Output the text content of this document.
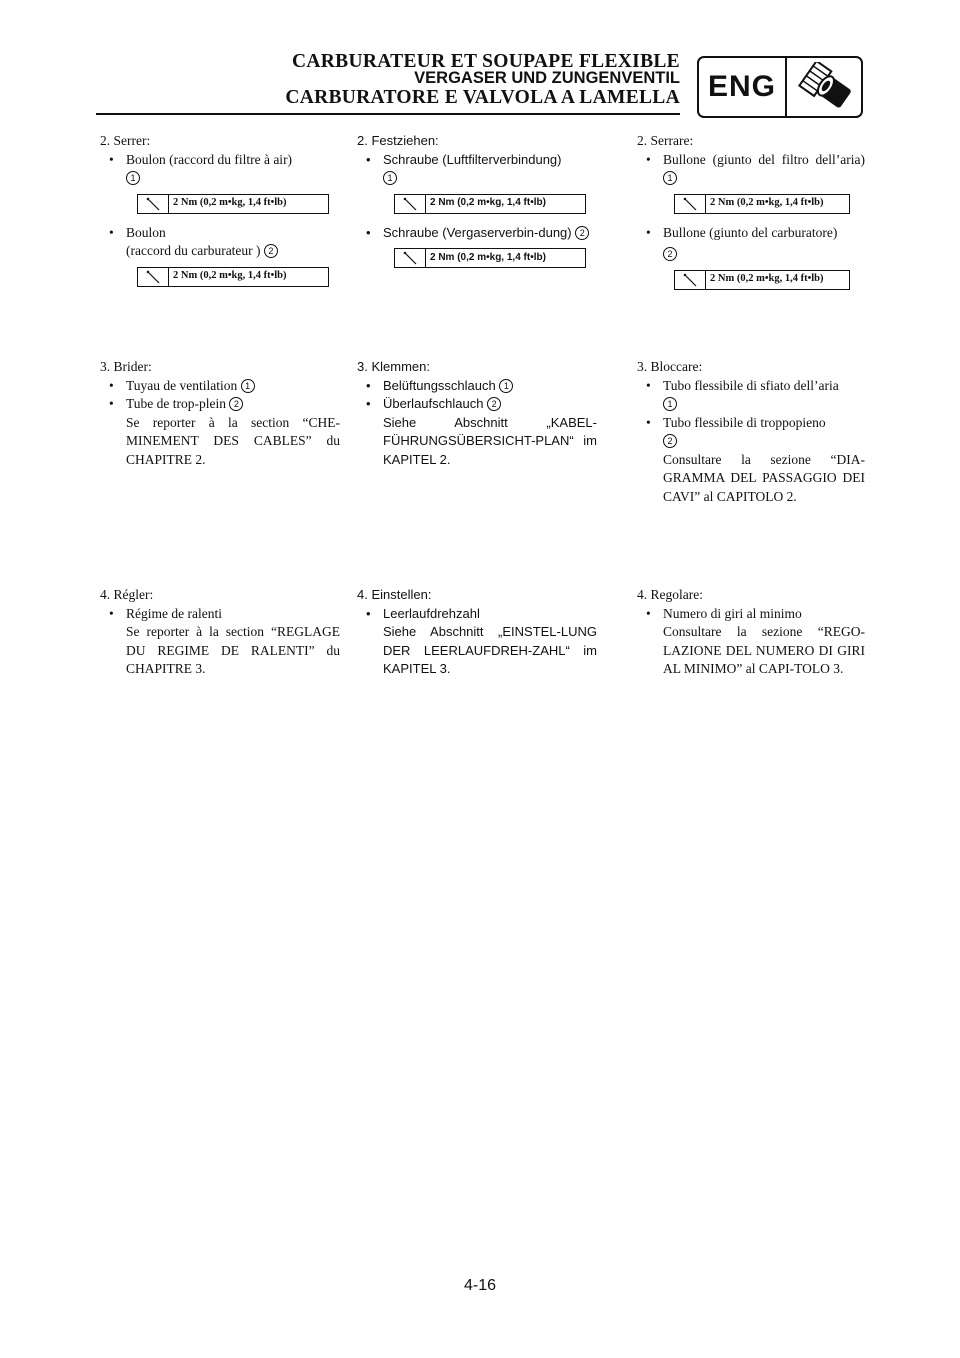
CARBURATEUR ET SOUPAPE FLEXIBLE
VERGASER UND ZUNGENVENTIL
CARBURATORE E VALVOLA A LAMELLA ENG
2. Serrer:
• Boulon (raccord du filtre à air)
1
2 Nm (0,2 m•kg, 1,4 ft•lb)
• Boulon
(raccord du carburateur ) 2
2 Nm (0,2 m•kg, 1,4 ft•lb)
3. Brider:
• Tuyau de ventilation 1
• Tube de trop-plein 2
Se reporter à la section “CHE-MINEMENT DES CABLES” du CHAPITRE 2.
4. Régler:
• Régime de ralenti
Se reporter à la section “REGLAGE DU REGIME DE RALENTI” du CHAPITRE 3.
2. Festziehen:
• Schraube (Luftfilterverbindung)
1
2 Nm (0,2 m•kg, 1,4 ft•lb)
• Schraube (Vergaserverbin-dung) 2
2 Nm (0,2 m•kg, 1,4 ft•lb)
3. Klemmen:
• Belüftungsschlauch 1
• Überlaufschlauch 2
Siehe Abschnitt „KABEL-FÜHRUNGSÜBERSICHT-PLAN“ im KAPITEL 2.
4. Einstellen:
• Leerlaufdrehzahl
Siehe Abschnitt „EINSTEL-LUNG DER LEERLAUFDREH-ZAHL“ im KAPITEL 3.
2. Serrare:
• Bullone (giunto del filtro dell’aria) 1
2 Nm (0,2 m•kg, 1,4 ft•lb)
• Bullone (giunto del carburatore)
2
2 Nm (0,2 m•kg, 1,4 ft•lb)
3. Bloccare:
• Tubo flessibile di sfiato dell’aria
1
• Tubo flessibile di troppopieno
2
Consultare la sezione “DIA-GRAMMA DEL PASSAGGIO DEI CAVI” al CAPITOLO 2.
4. Regolare:
• Numero di giri al minimo
Consultare la sezione “REGO-LAZIONE DEL NUMERO DI GIRI AL MINIMO” al CAPI-TOLO 3.
4-16
